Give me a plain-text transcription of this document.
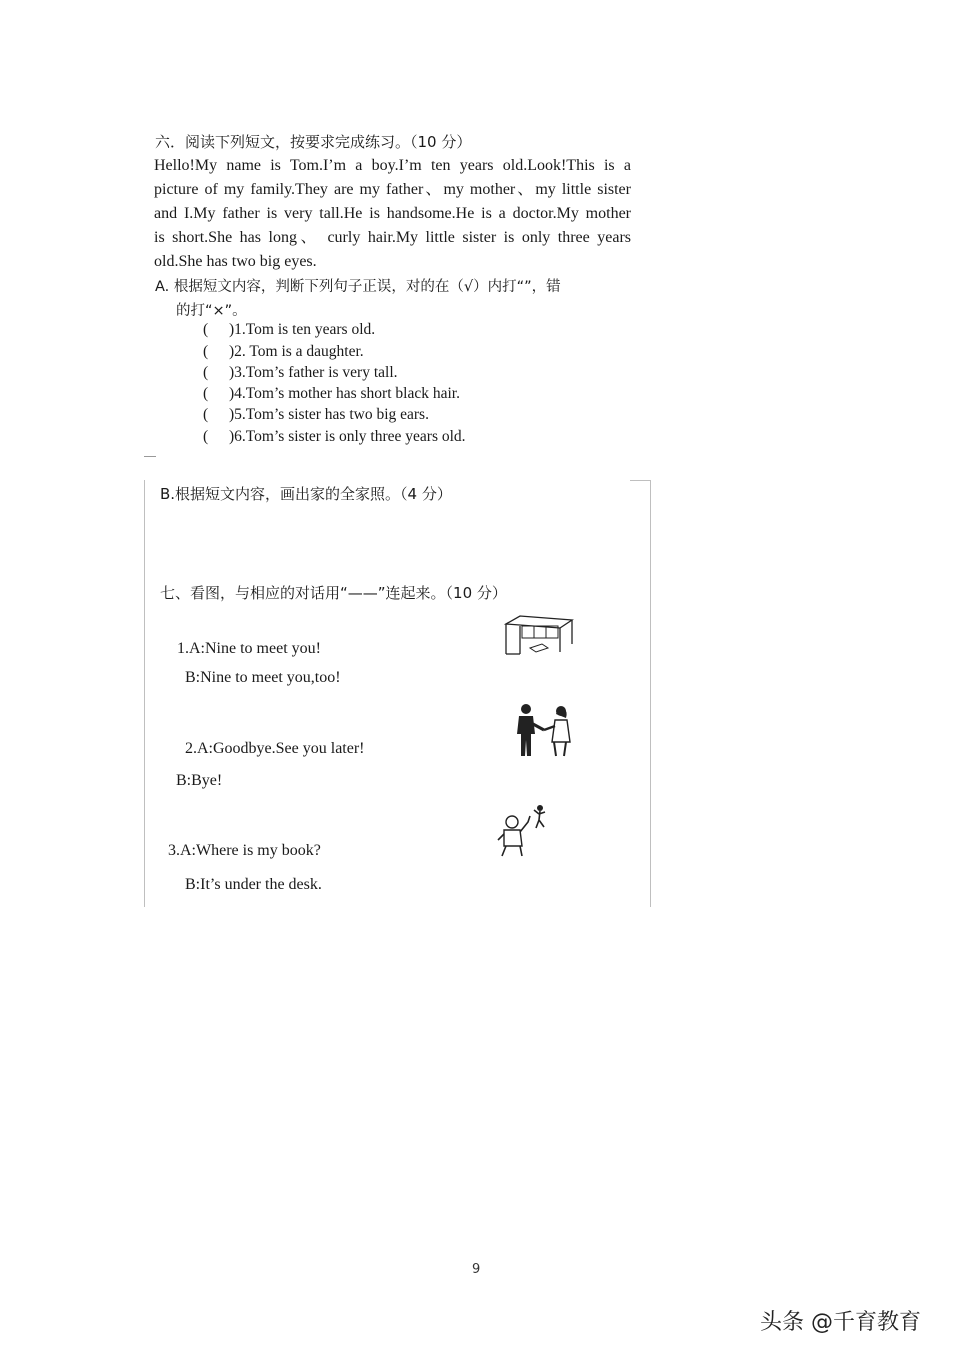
六．阅读下列短文，按要求完成练习。（10 分）
Hello!My name is Tom.I’m a boy.I’m ten years old.Look!This is a
picture of my family.They are my father、my mother、my little sister
and I.My father is very tall.He is handsome.He is a doctor.My mother
is short.She has long、 curly hair.My little sister is only three years
old.She has two big eyes.
A. 根据短文内容，判断下列句子正误，对的在（√）内打“”，错
的打“×”。
( )1.Tom is ten years old.
( )2. Tom is a daughter.
( )3.Tom’s father is very tall.
( )4.Tom’s mother has short black hair.
( )5.Tom’s sister has two big ears.
( )6.Tom’s sister is only three years old.
B.根据短文内容，画出家的全家照。（4 分）
七、看图，与相应的对话用“——”连起来。（10 分）
1.A:Nine to meet you!
B:Nine to meet you,too!
2.A:Goodbye.See you later!
B:Bye!
3.A:Where is my book?
B:It’s under the desk.
9
头条 @千育教育
